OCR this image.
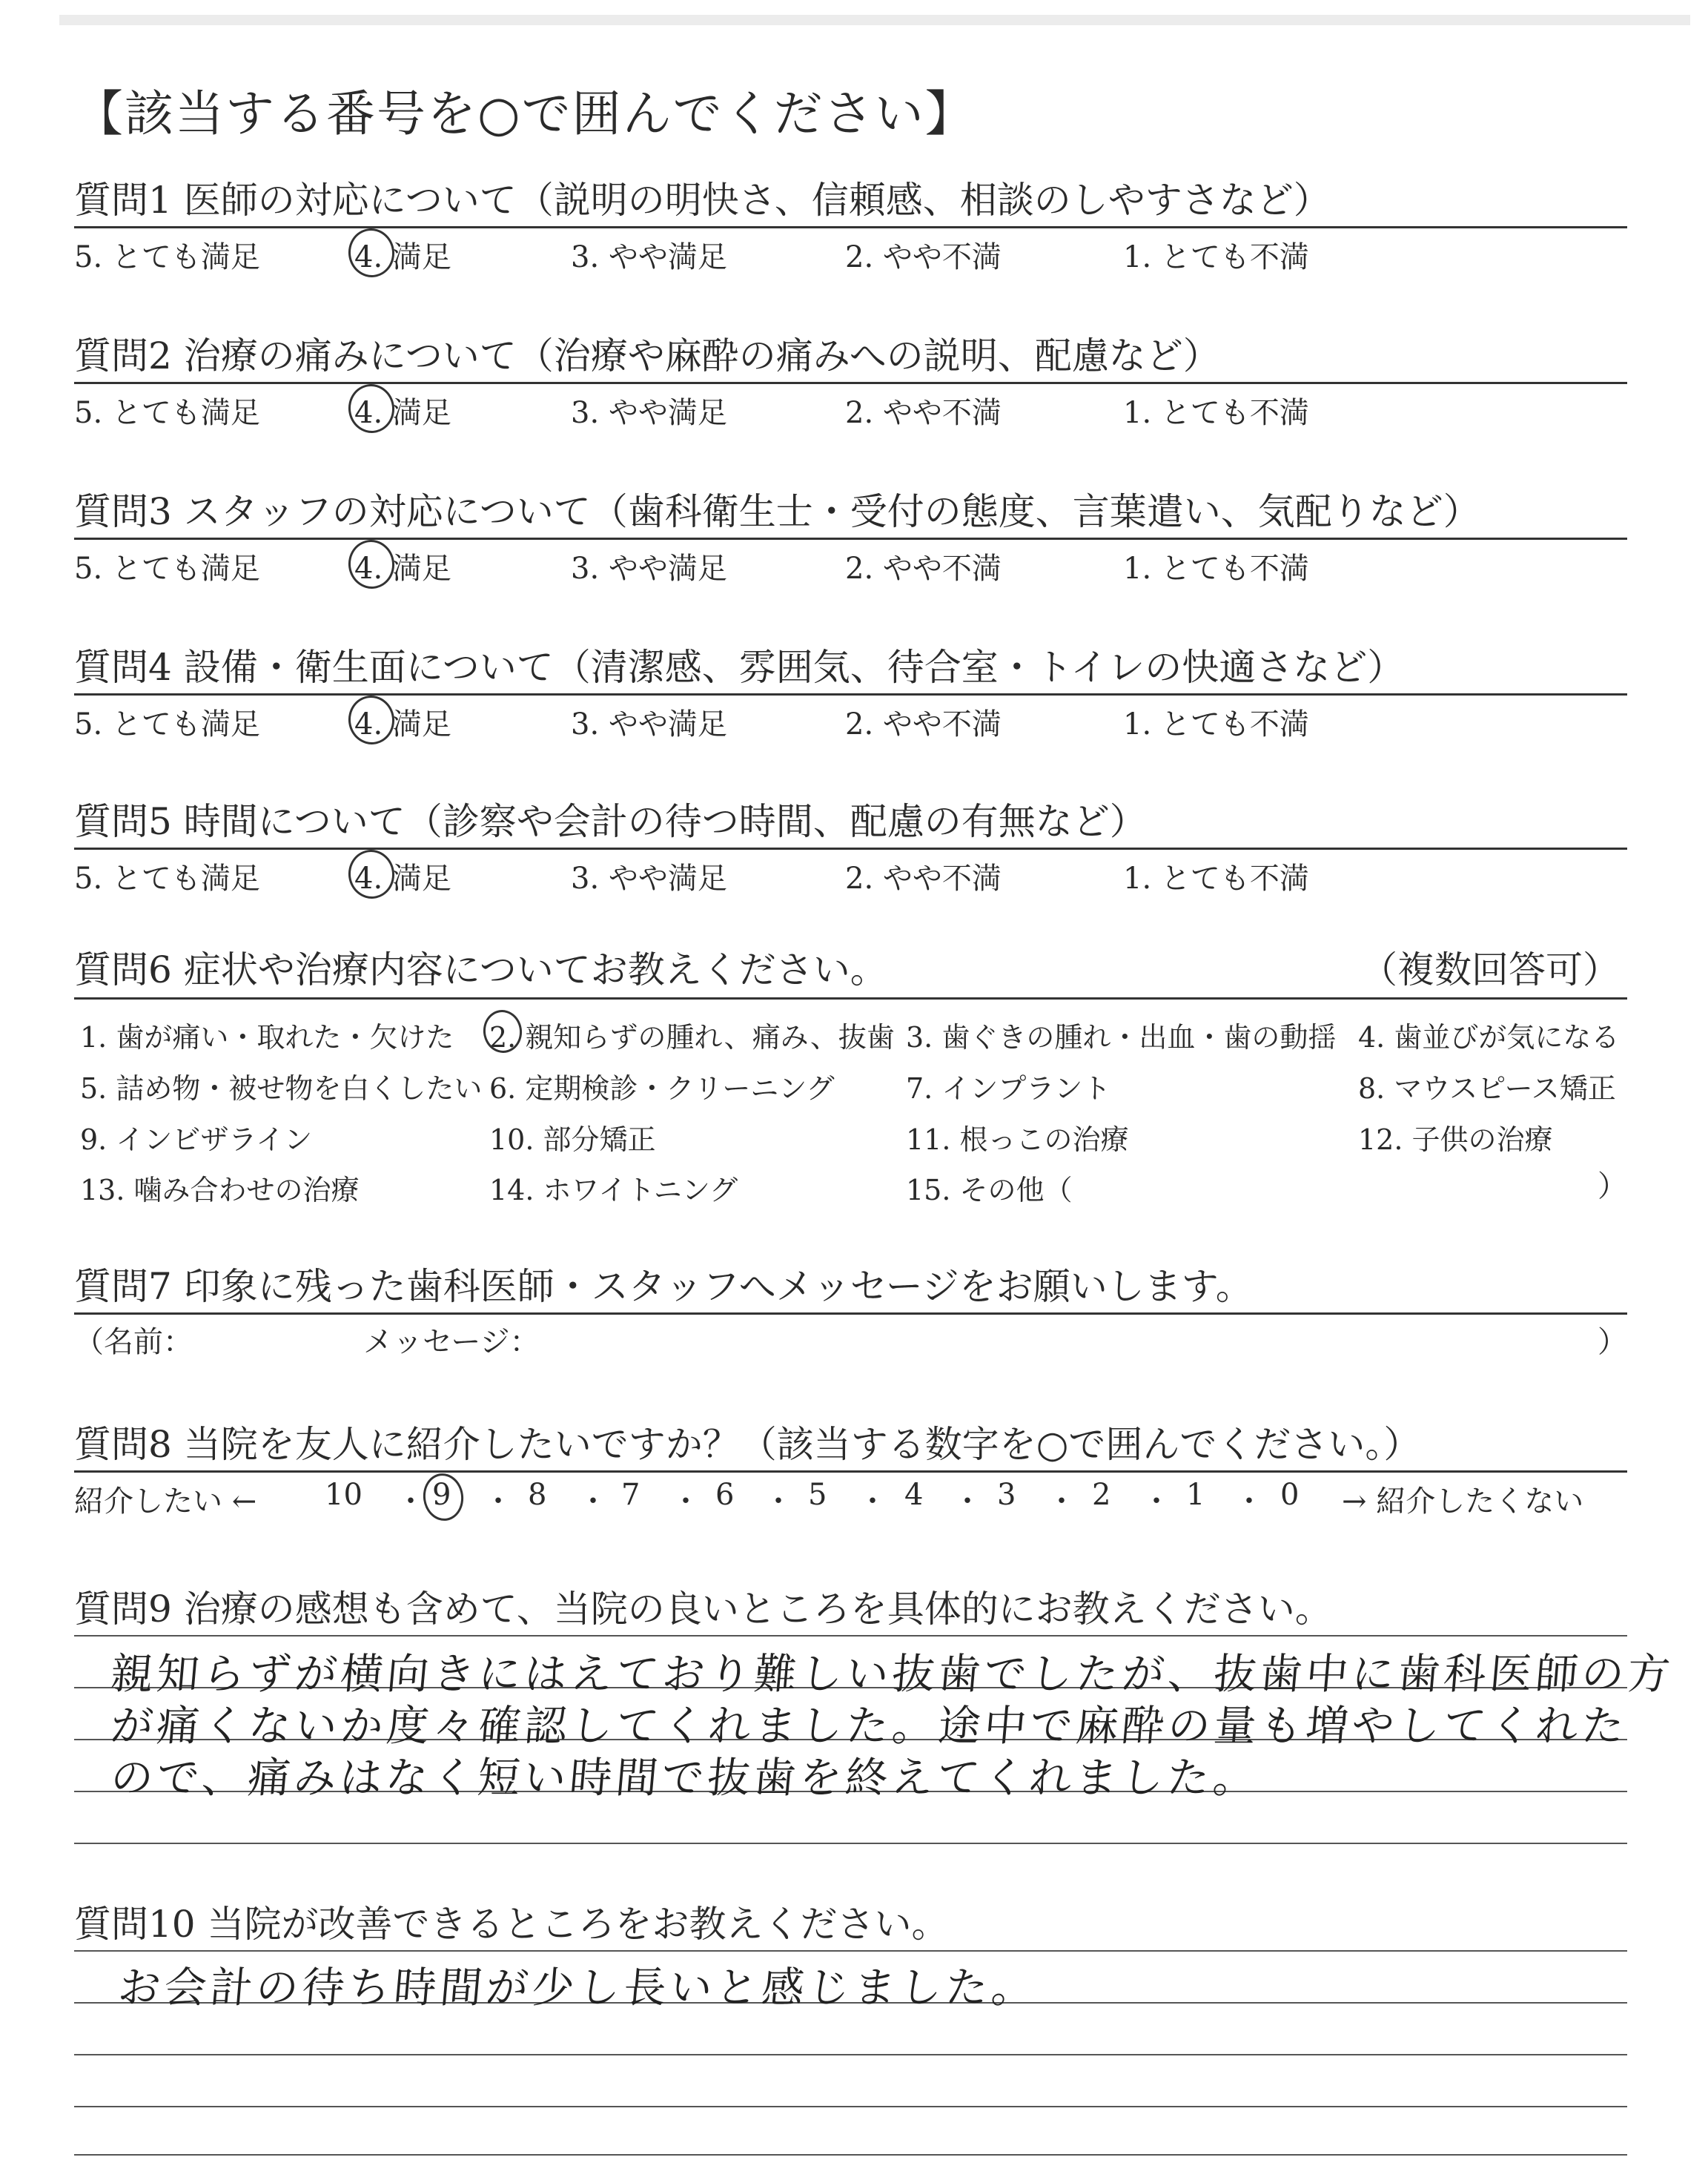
【該当する番号を○で囲んでください】
質問1 医師の対応について（説明の明快さ、信頼感、相談のしやすさなど）
5. とても満足	4. 満足	3. やや満足	2. やや不満	1. とても不満
質問2 治療の痛みについて（治療や麻酔の痛みへの説明、配慮など）
5. とても満足	4. 満足	3. やや満足	2. やや不満	1. とても不満
質問3 スタッフの対応について（歯科衛生士・受付の態度、言葉遣い、気配りなど）
5. とても満足	4. 満足	3. やや満足	2. やや不満	1. とても不満
質問4 設備・衛生面について（清潔感、雰囲気、待合室・トイレの快適さなど）
5. とても満足	4. 満足	3. やや満足	2. やや不満	1. とても不満
質問5 時間について（診察や会計の待つ時間、配慮の有無など）
5. とても満足	4. 満足	3. やや満足	2. やや不満	1. とても不満
質問6 症状や治療内容についてお教えください。	（複数回答可）
1. 歯が痛い・取れた・欠けた 2. 親知らずの腫れ、痛み、抜歯 3. 歯ぐきの腫れ・出血・歯の動揺 4. 歯並びが気になる
5. 詰め物・被せ物を白くしたい 6. 定期検診・クリーニング	7. インプラント	8. マウスピース矯正
9. インビザライン	10. 部分矯正	11. 根っこの治療	12. 子供の治療
13. 噛み合わせの治療	14. ホワイトニング	15. その他（	）
質問7 印象に残った歯科医師・スタッフへメッセージをお願いします。
（名前：	メッセージ：	）
質問8 当院を友人に紹介したいですか？（該当する数字を○で囲んでください。）
紹介したい ← 10 9	8	7	6 5	4 3	2	1	0
・ ・ ・ ・ ・ ・ ・ ・ ・ ・	→ 紹介したくない
質問9 治療の感想も含めて、当院の良いところを具体的にお教えください。
親知らずが横向きにはえており難しい抜歯でしたが、抜歯中に歯科医師の方
が痛くないか度々確認してくれました。途中で麻酔の量も増やしてくれた
ので、痛みはなく短い時間で抜歯を終えてくれました。
質問10 当院が改善できるところをお教えください。
お会計の待ち時間が少し長いと感じました。
